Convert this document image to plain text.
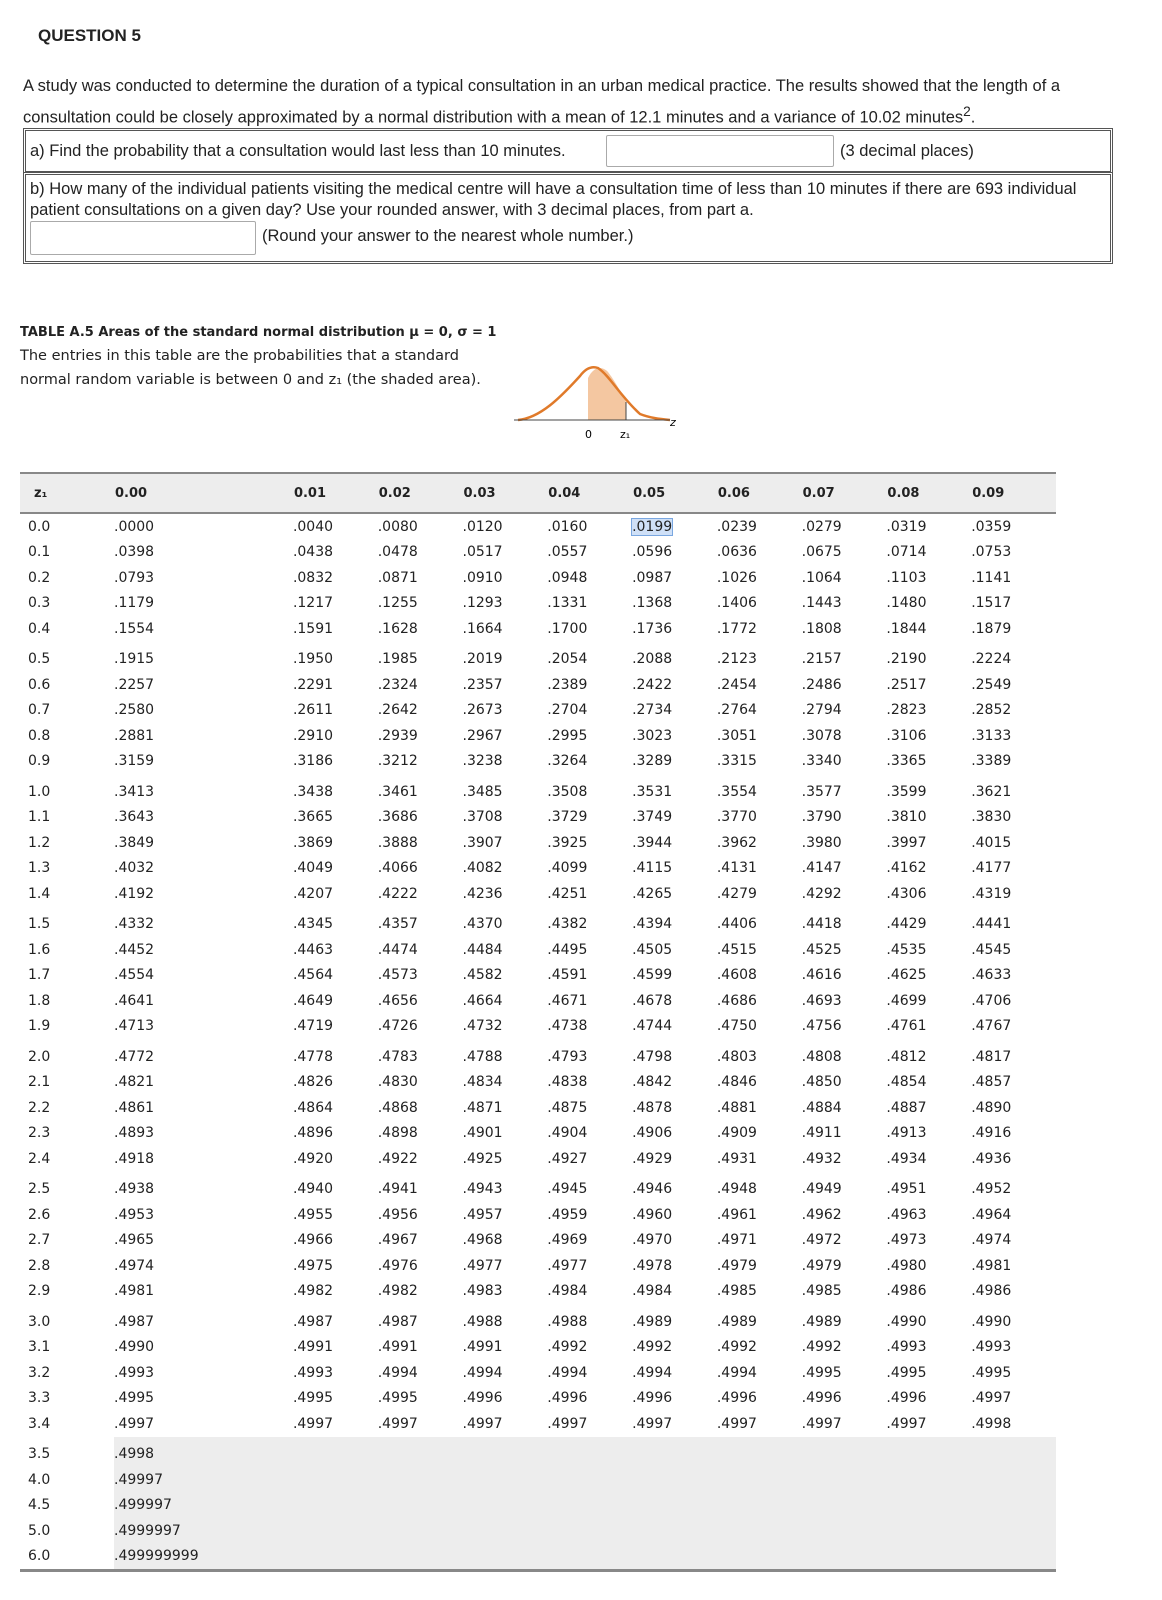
QUESTION 5
A study was conducted to determine the duration of a typical consultation in an urban medical practice. The results showed that the length of a consultation could be closely approximated by a normal distribution with a mean of 12.1 minutes and a variance of 10.02 minutes$^2$.
a) Find the probability that a consultation would last less than 10 minutes.	(3 decimal places)
b) How many of the individual patients visiting the medical centre will have a consultation time of less than 10 minutes if there are 693 individual patient consultations on a given day? Use your rounded answer, with 3 decimal places, from part a.
(Round your answer to the nearest whole number.)
TABLE A.5 Areas of the standard normal distribution μ = 0, σ = 1
The entries in this table are the probabilities that a standard normal random variable is between 0 and z₁ (the shaded area).
0	z₁
z
z₁	0.00	0.01	0.02	0.03	0.04	0.05	0.06	0.07	0.08	0.09
0.0	.0000	.0040	.0080	.0120	.0160	.0199	.0239	.0279	.0319	.0359
0.1	.0398	.0438	.0478	.0517	.0557	.0596	.0636	.0675	.0714	.0753
0.2	.0793	.0832	.0871	.0910	.0948	.0987	.1026	.1064	.1103	.1141
0.3	.1179	.1217	.1255	.1293	.1331	.1368	.1406	.1443	.1480	.1517
0.4	.1554	.1591	.1628	.1664	.1700	.1736	.1772	.1808	.1844	.1879
0.5	.1915	.1950	.1985	.2019	.2054	.2088	.2123	.2157	.2190	.2224
0.6	.2257	.2291	.2324	.2357	.2389	.2422	.2454	.2486	.2517	.2549
0.7	.2580	.2611	.2642	.2673	.2704	.2734	.2764	.2794	.2823	.2852
0.8	.2881	.2910	.2939	.2967	.2995	.3023	.3051	.3078	.3106	.3133
0.9	.3159	.3186	.3212	.3238	.3264	.3289	.3315	.3340	.3365	.3389
1.0	.3413	.3438	.3461	.3485	.3508	.3531	.3554	.3577	.3599	.3621
1.1	.3643	.3665	.3686	.3708	.3729	.3749	.3770	.3790	.3810	.3830
1.2	.3849	.3869	.3888	.3907	.3925	.3944	.3962	.3980	.3997	.4015
1.3	.4032	.4049	.4066	.4082	.4099	.4115	.4131	.4147	.4162	.4177
1.4	.4192	.4207	.4222	.4236	.4251	.4265	.4279	.4292	.4306	.4319
1.5	.4332	.4345	.4357	.4370	.4382	.4394	.4406	.4418	.4429	.4441
1.6	.4452	.4463	.4474	.4484	.4495	.4505	.4515	.4525	.4535	.4545
1.7	.4554	.4564	.4573	.4582	.4591	.4599	.4608	.4616	.4625	.4633
1.8	.4641	.4649	.4656	.4664	.4671	.4678	.4686	.4693	.4699	.4706
1.9	.4713	.4719	.4726	.4732	.4738	.4744	.4750	.4756	.4761	.4767
2.0	.4772	.4778	.4783	.4788	.4793	.4798	.4803	.4808	.4812	.4817
2.1	.4821	.4826	.4830	.4834	.4838	.4842	.4846	.4850	.4854	.4857
2.2	.4861	.4864	.4868	.4871	.4875	.4878	.4881	.4884	.4887	.4890
2.3	.4893	.4896	.4898	.4901	.4904	.4906	.4909	.4911	.4913	.4916
2.4	.4918	.4920	.4922	.4925	.4927	.4929	.4931	.4932	.4934	.4936
2.5	.4938	.4940	.4941	.4943	.4945	.4946	.4948	.4949	.4951	.4952
2.6	.4953	.4955	.4956	.4957	.4959	.4960	.4961	.4962	.4963	.4964
2.7	.4965	.4966	.4967	.4968	.4969	.4970	.4971	.4972	.4973	.4974
2.8	.4974	.4975	.4976	.4977	.4977	.4978	.4979	.4979	.4980	.4981
2.9	.4981	.4982	.4982	.4983	.4984	.4984	.4985	.4985	.4986	.4986
3.0	.4987	.4987	.4987	.4988	.4988	.4989	.4989	.4989	.4990	.4990
3.1	.4990	.4991	.4991	.4991	.4992	.4992	.4992	.4992	.4993	.4993
3.2	.4993	.4993	.4994	.4994	.4994	.4994	.4994	.4995	.4995	.4995
3.3	.4995	.4995	.4995	.4996	.4996	.4996	.4996	.4996	.4996	.4997
3.4	.4997	.4997	.4997	.4997	.4997	.4997	.4997	.4997	.4997	.4998
3.5	.4998									
4.0	.49997									
4.5	.499997									
5.0	.4999997									
6.0	.499999999									
